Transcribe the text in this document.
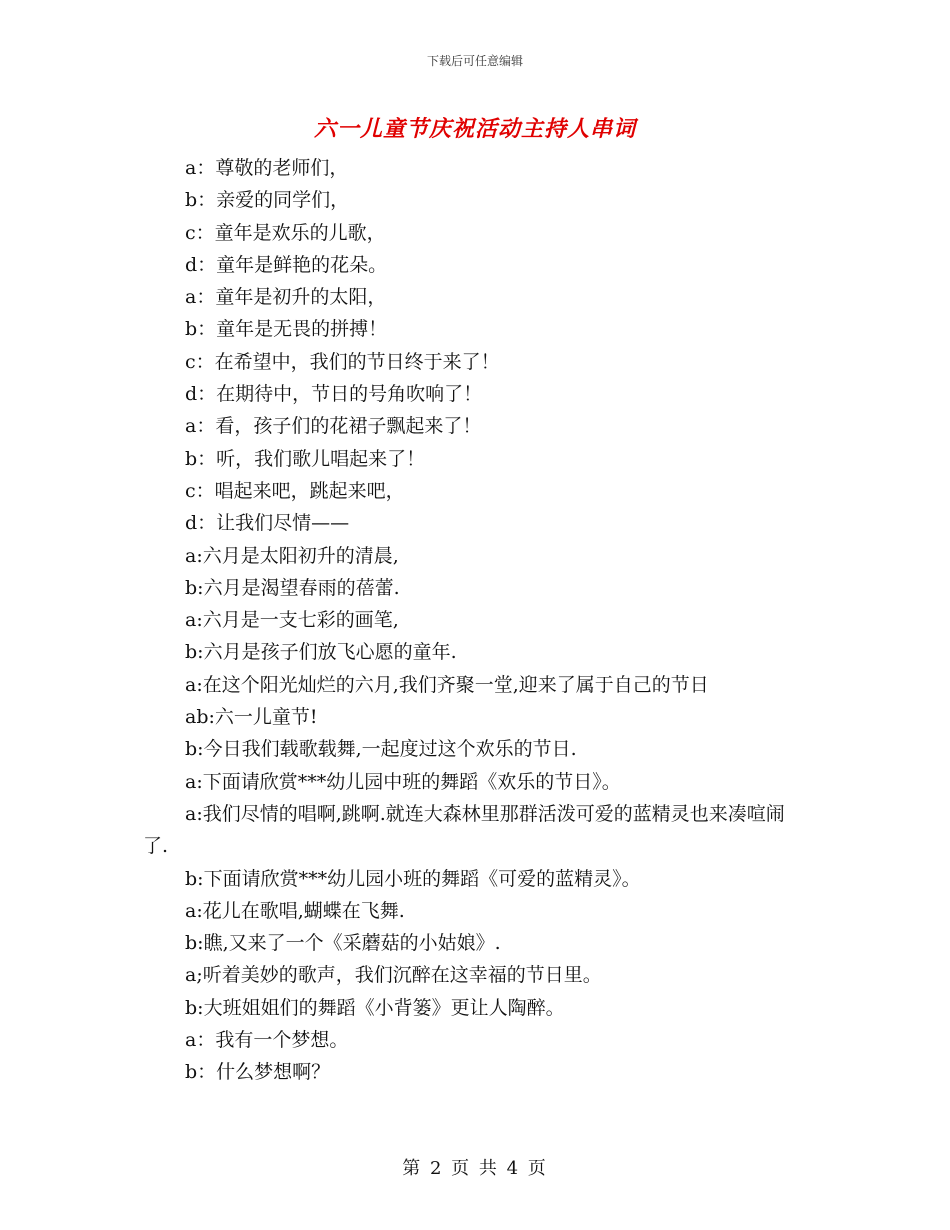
下载后可任意编辑
六一儿童节庆祝活动主持人串词

a：尊敬的老师们，

b：亲爱的同学们，

c：童年是欢乐的儿歌，

d：童年是鲜艳的花朵。

a：童年是初升的太阳，

b：童年是无畏的拼搏！

c：在希望中，我们的节日终于来了！

d：在期待中，节日的号角吹响了！

a：看，孩子们的花裙子飘起来了！

b：听，我们歌儿唱起来了！

c：唱起来吧，跳起来吧，

d：让我们尽情——

a:六月是太阳初升的清晨,

b:六月是渴望春雨的蓓蕾.

a:六月是一支七彩的画笔,

b:六月是孩子们放飞心愿的童年.

a:在这个阳光灿烂的六月,我们齐聚一堂,迎来了属于自己的节日

ab:六一儿童节!

b:今日我们载歌载舞,一起度过这个欢乐的节日.

a:下面请欣赏***幼儿园中班的舞蹈《欢乐的节日》。

a:我们尽情的唱啊,跳啊.就连大森林里那群活泼可爱的蓝精灵也来凑喧闹了.

b:下面请欣赏***幼儿园小班的舞蹈《可爱的蓝精灵》。

a:花儿在歌唱,蝴蝶在飞舞.

b:瞧,又来了一个《采蘑菇的小姑娘》.

a;听着美妙的歌声，我们沉醉在这幸福的节日里。

b:大班姐姐们的舞蹈《小背篓》更让人陶醉。

a：我有一个梦想。

b：什么梦想啊？

第 2 页 共 4 页
